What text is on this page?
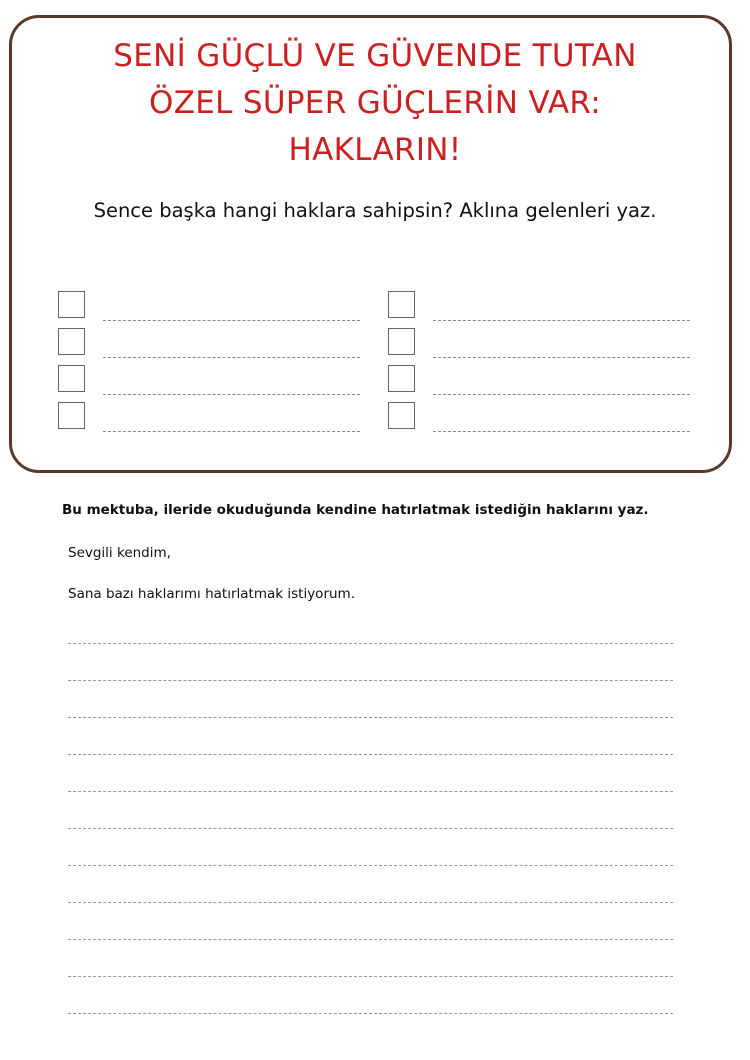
SENİ GÜÇLÜ VE GÜVENDE TUTAN
ÖZEL SÜPER GÜÇLERİN VAR:
HAKLARIN!

Sence başka hangi haklara sahipsin? Aklına gelenleri yaz.

Bu mektuba, ileride okuduğunda kendine hatırlatmak istediğin haklarını yaz.

Sevgili kendim,

Sana bazı haklarımı hatırlatmak istiyorum.
